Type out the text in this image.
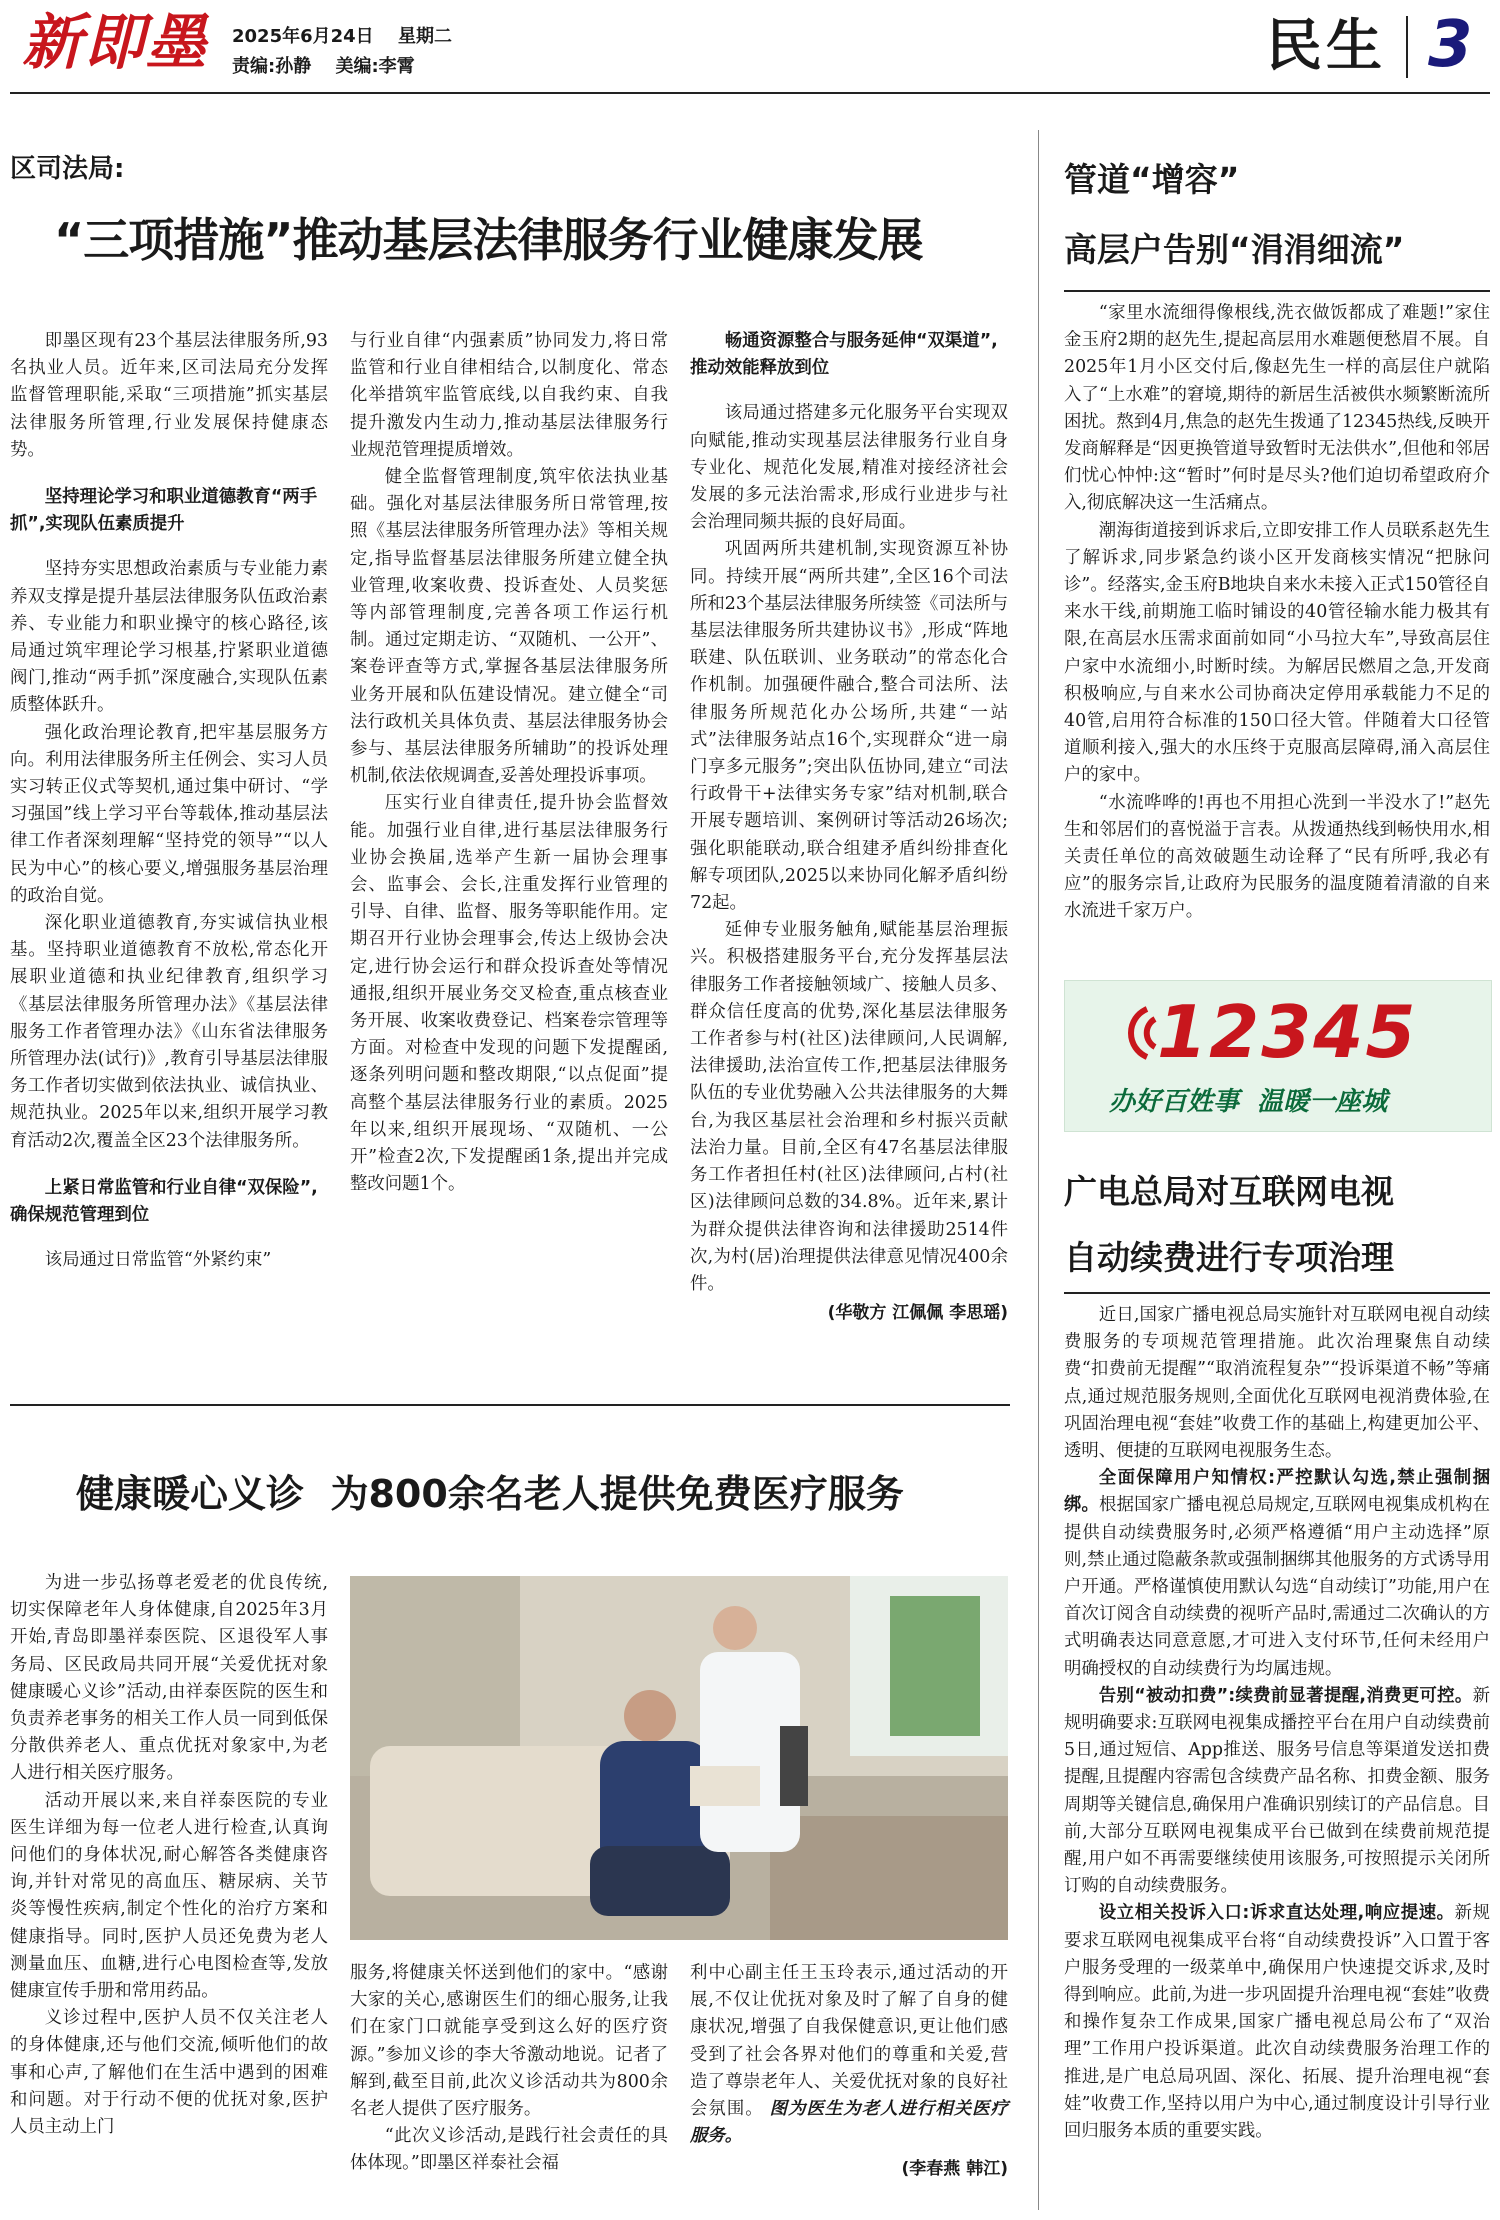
新即墨 2025年6月24日 星期二
责编:孙静 美编:李霄	民生 3
区司法局:
“三项措施”推动基层法律服务行业健康发展

即墨区现有23个基层法律服务所,93名执业人员。近年来,区司法局充分发挥监督管理职能,采取“三项措施”抓实基层法律服务所管理,行业发展保持健康态势。

坚持理论学习和职业道德教育“两手抓”,实现队伍素质提升

坚持夯实思想政治素质与专业能力素养双支撑是提升基层法律服务队伍政治素养、专业能力和职业操守的核心路径,该局通过筑牢理论学习根基,拧紧职业道德阀门,推动“两手抓”深度融合,实现队伍素质整体跃升。

强化政治理论教育,把牢基层服务方向。利用法律服务所主任例会、实习人员实习转正仪式等契机,通过集中研讨、“学习强国”线上学习平台等载体,推动基层法律工作者深刻理解“坚持党的领导”“以人民为中心”的核心要义,增强服务基层治理的政治自觉。

深化职业道德教育,夯实诚信执业根基。坚持职业道德教育不放松,常态化开展职业道德和执业纪律教育,组织学习《基层法律服务所管理办法》《基层法律服务工作者管理办法》《山东省法律服务所管理办法(试行)》,教育引导基层法律服务工作者切实做到依法执业、诚信执业、规范执业。2025年以来,组织开展学习教育活动2次,覆盖全区23个法律服务所。

上紧日常监管和行业自律“双保险”,确保规范管理到位

该局通过日常监管“外紧约束”

与行业自律“内强素质”协同发力,将日常监管和行业自律相结合,以制度化、常态化举措筑牢监管底线,以自我约束、自我提升激发内生动力,推动基层法律服务行业规范管理提质增效。

健全监督管理制度,筑牢依法执业基础。强化对基层法律服务所日常管理,按照《基层法律服务所管理办法》等相关规定,指导监督基层法律服务所建立健全执业管理,收案收费、投诉查处、人员奖惩等内部管理制度,完善各项工作运行机制。通过定期走访、“双随机、一公开”、案卷评查等方式,掌握各基层法律服务所业务开展和队伍建设情况。建立健全“司法行政机关具体负责、基层法律服务协会参与、基层法律服务所辅助”的投诉处理机制,依法依规调查,妥善处理投诉事项。

压实行业自律责任,提升协会监督效能。加强行业自律,进行基层法律服务行业协会换届,选举产生新一届协会理事会、监事会、会长,注重发挥行业管理的引导、自律、监督、服务等职能作用。定期召开行业协会理事会,传达上级协会决定,进行协会运行和群众投诉查处等情况通报,组织开展业务交叉检查,重点核查业务开展、收案收费登记、档案卷宗管理等方面。对检查中发现的问题下发提醒函,逐条列明问题和整改期限,“以点促面”提高整个基层法律服务行业的素质。2025年以来,组织开展现场、“双随机、一公开”检查2次,下发提醒函1条,提出并完成整改问题1个。

畅通资源整合与服务延伸“双渠道”,推动效能释放到位

该局通过搭建多元化服务平台实现双向赋能,推动实现基层法律服务行业自身专业化、规范化发展,精准对接经济社会发展的多元法治需求,形成行业进步与社会治理同频共振的良好局面。

巩固两所共建机制,实现资源互补协同。持续开展“两所共建”,全区16个司法所和23个基层法律服务所续签《司法所与基层法律服务所共建协议书》,形成“阵地联建、队伍联训、业务联动”的常态化合作机制。加强硬件融合,整合司法所、法律服务所规范化办公场所,共建“一站式”法律服务站点16个,实现群众“进一扇门享多元服务”;突出队伍协同,建立“司法行政骨干+法律实务专家”结对机制,联合开展专题培训、案例研讨等活动26场次;强化职能联动,联合组建矛盾纠纷排查化解专项团队,2025以来协同化解矛盾纠纷72起。

延伸专业服务触角,赋能基层治理振兴。积极搭建服务平台,充分发挥基层法律服务工作者接触领域广、接触人员多、群众信任度高的优势,深化基层法律服务工作者参与村(社区)法律顾问,人民调解,法律援助,法治宣传工作,把基层法律服务队伍的专业优势融入公共法律服务的大舞台,为我区基层社会治理和乡村振兴贡献法治力量。目前,全区有47名基层法律服务工作者担任村(社区)法律顾问,占村(社区)法律顾问总数的34.8%。近年来,累计为群众提供法律咨询和法律援助2514件次,为村(居)治理提供法律意见情况400余件。

(华敬方 江佩佩 李思瑶)
管道“增容”
高层户告别“涓涓细流”

“家里水流细得像根线,洗衣做饭都成了难题!”家住金玉府2期的赵先生,提起高层用水难题便愁眉不展。自2025年1月小区交付后,像赵先生一样的高层住户就陷入了“上水难”的窘境,期待的新居生活被供水频繁断流所困扰。熬到4月,焦急的赵先生拨通了12345热线,反映开发商解释是“因更换管道导致暂时无法供水”,但他和邻居们忧心忡忡:这“暂时”何时是尽头?他们迫切希望政府介入,彻底解决这一生活痛点。

潮海街道接到诉求后,立即安排工作人员联系赵先生了解诉求,同步紧急约谈小区开发商核实情况“把脉问诊”。经落实,金玉府B地块自来水未接入正式150管径自来水干线,前期施工临时铺设的40管径输水能力极其有限,在高层水压需求面前如同“小马拉大车”,导致高层住户家中水流细小,时断时续。为解居民燃眉之急,开发商积极响应,与自来水公司协商决定停用承载能力不足的40管,启用符合标准的150口径大管。伴随着大口径管道顺利接入,强大的水压终于克服高层障碍,涌入高层住户的家中。

“水流哗哗的!再也不用担心洗到一半没水了!”赵先生和邻居们的喜悦溢于言表。从拨通热线到畅快用水,相关责任单位的高效破题生动诠释了“民有所呼,我必有应”的服务宗旨,让政府为民服务的温度随着清澈的自来水流进千家万户。

12345
办好百姓事  温暖一座城
广电总局对互联网电视
自动续费进行专项治理

近日,国家广播电视总局实施针对互联网电视自动续费服务的专项规范管理措施。此次治理聚焦自动续费“扣费前无提醒”“取消流程复杂”“投诉渠道不畅”等痛点,通过规范服务规则,全面优化互联网电视消费体验,在巩固治理电视“套娃”收费工作的基础上,构建更加公平、透明、便捷的互联网电视服务生态。

全面保障用户知情权:严控默认勾选,禁止强制捆绑。根据国家广播电视总局规定,互联网电视集成机构在提供自动续费服务时,必须严格遵循“用户主动选择”原则,禁止通过隐蔽条款或强制捆绑其他服务的方式诱导用户开通。严格谨慎使用默认勾选“自动续订”功能,用户在首次订阅含自动续费的视听产品时,需通过二次确认的方式明确表达同意意愿,才可进入支付环节,任何未经用户明确授权的自动续费行为均属违规。

告别“被动扣费”:续费前显著提醒,消费更可控。新规明确要求:互联网电视集成播控平台在用户自动续费前5日,通过短信、App推送、服务号信息等渠道发送扣费提醒,且提醒内容需包含续费产品名称、扣费金额、服务周期等关键信息,确保用户准确识别续订的产品信息。目前,大部分互联网电视集成平台已做到在续费前规范提醒,用户如不再需要继续使用该服务,可按照提示关闭所订购的自动续费服务。

设立相关投诉入口:诉求直达处理,响应提速。新规要求互联网电视集成平台将“自动续费投诉”入口置于客户服务受理的一级菜单中,确保用户快速提交诉求,及时得到响应。此前,为进一步巩固提升治理电视“套娃”收费和操作复杂工作成果,国家广播电视总局公布了“双治理”工作用户投诉渠道。此次自动续费服务治理工作的推进,是广电总局巩固、深化、拓展、提升治理电视“套娃”收费工作,坚持以用户为中心,通过制度设计引导行业回归服务本质的重要实践。

健康暖心义诊  为800余名老人提供免费医疗服务

为进一步弘扬尊老爱老的优良传统,切实保障老年人身体健康,自2025年3月开始,青岛即墨祥泰医院、区退役军人事务局、区民政局共同开展“关爱优抚对象 健康暖心义诊”活动,由祥泰医院的医生和负责养老事务的相关工作人员一同到低保分散供养老人、重点优抚对象家中,为老人进行相关医疗服务。

活动开展以来,来自祥泰医院的专业医生详细为每一位老人进行检查,认真询问他们的身体状况,耐心解答各类健康咨询,并针对常见的高血压、糖尿病、关节炎等慢性疾病,制定个性化的治疗方案和健康指导。同时,医护人员还免费为老人测量血压、血糖,进行心电图检查等,发放健康宣传手册和常用药品。

义诊过程中,医护人员不仅关注老人的身体健康,还与他们交流,倾听他们的故事和心声,了解他们在生活中遇到的困难和问题。对于行动不便的优抚对象,医护人员主动上门

服务,将健康关怀送到他们的家中。“感谢大家的关心,感谢医生们的细心服务,让我们在家门口就能享受到这么好的医疗资源。”参加义诊的李大爷激动地说。记者了解到,截至目前,此次义诊活动共为800余名老人提供了医疗服务。

“此次义诊活动,是践行社会责任的具体体现。”即墨区祥泰社会福

利中心副主任王玉玲表示,通过活动的开展,不仅让优抚对象及时了解了自身的健康状况,增强了自我保健意识,更让他们感受到了社会各界对他们的尊重和关爱,营造了尊崇老年人、关爱优抚对象的良好社会氛围。 图为医生为老人进行相关医疗服务。

(李春燕 韩江)
